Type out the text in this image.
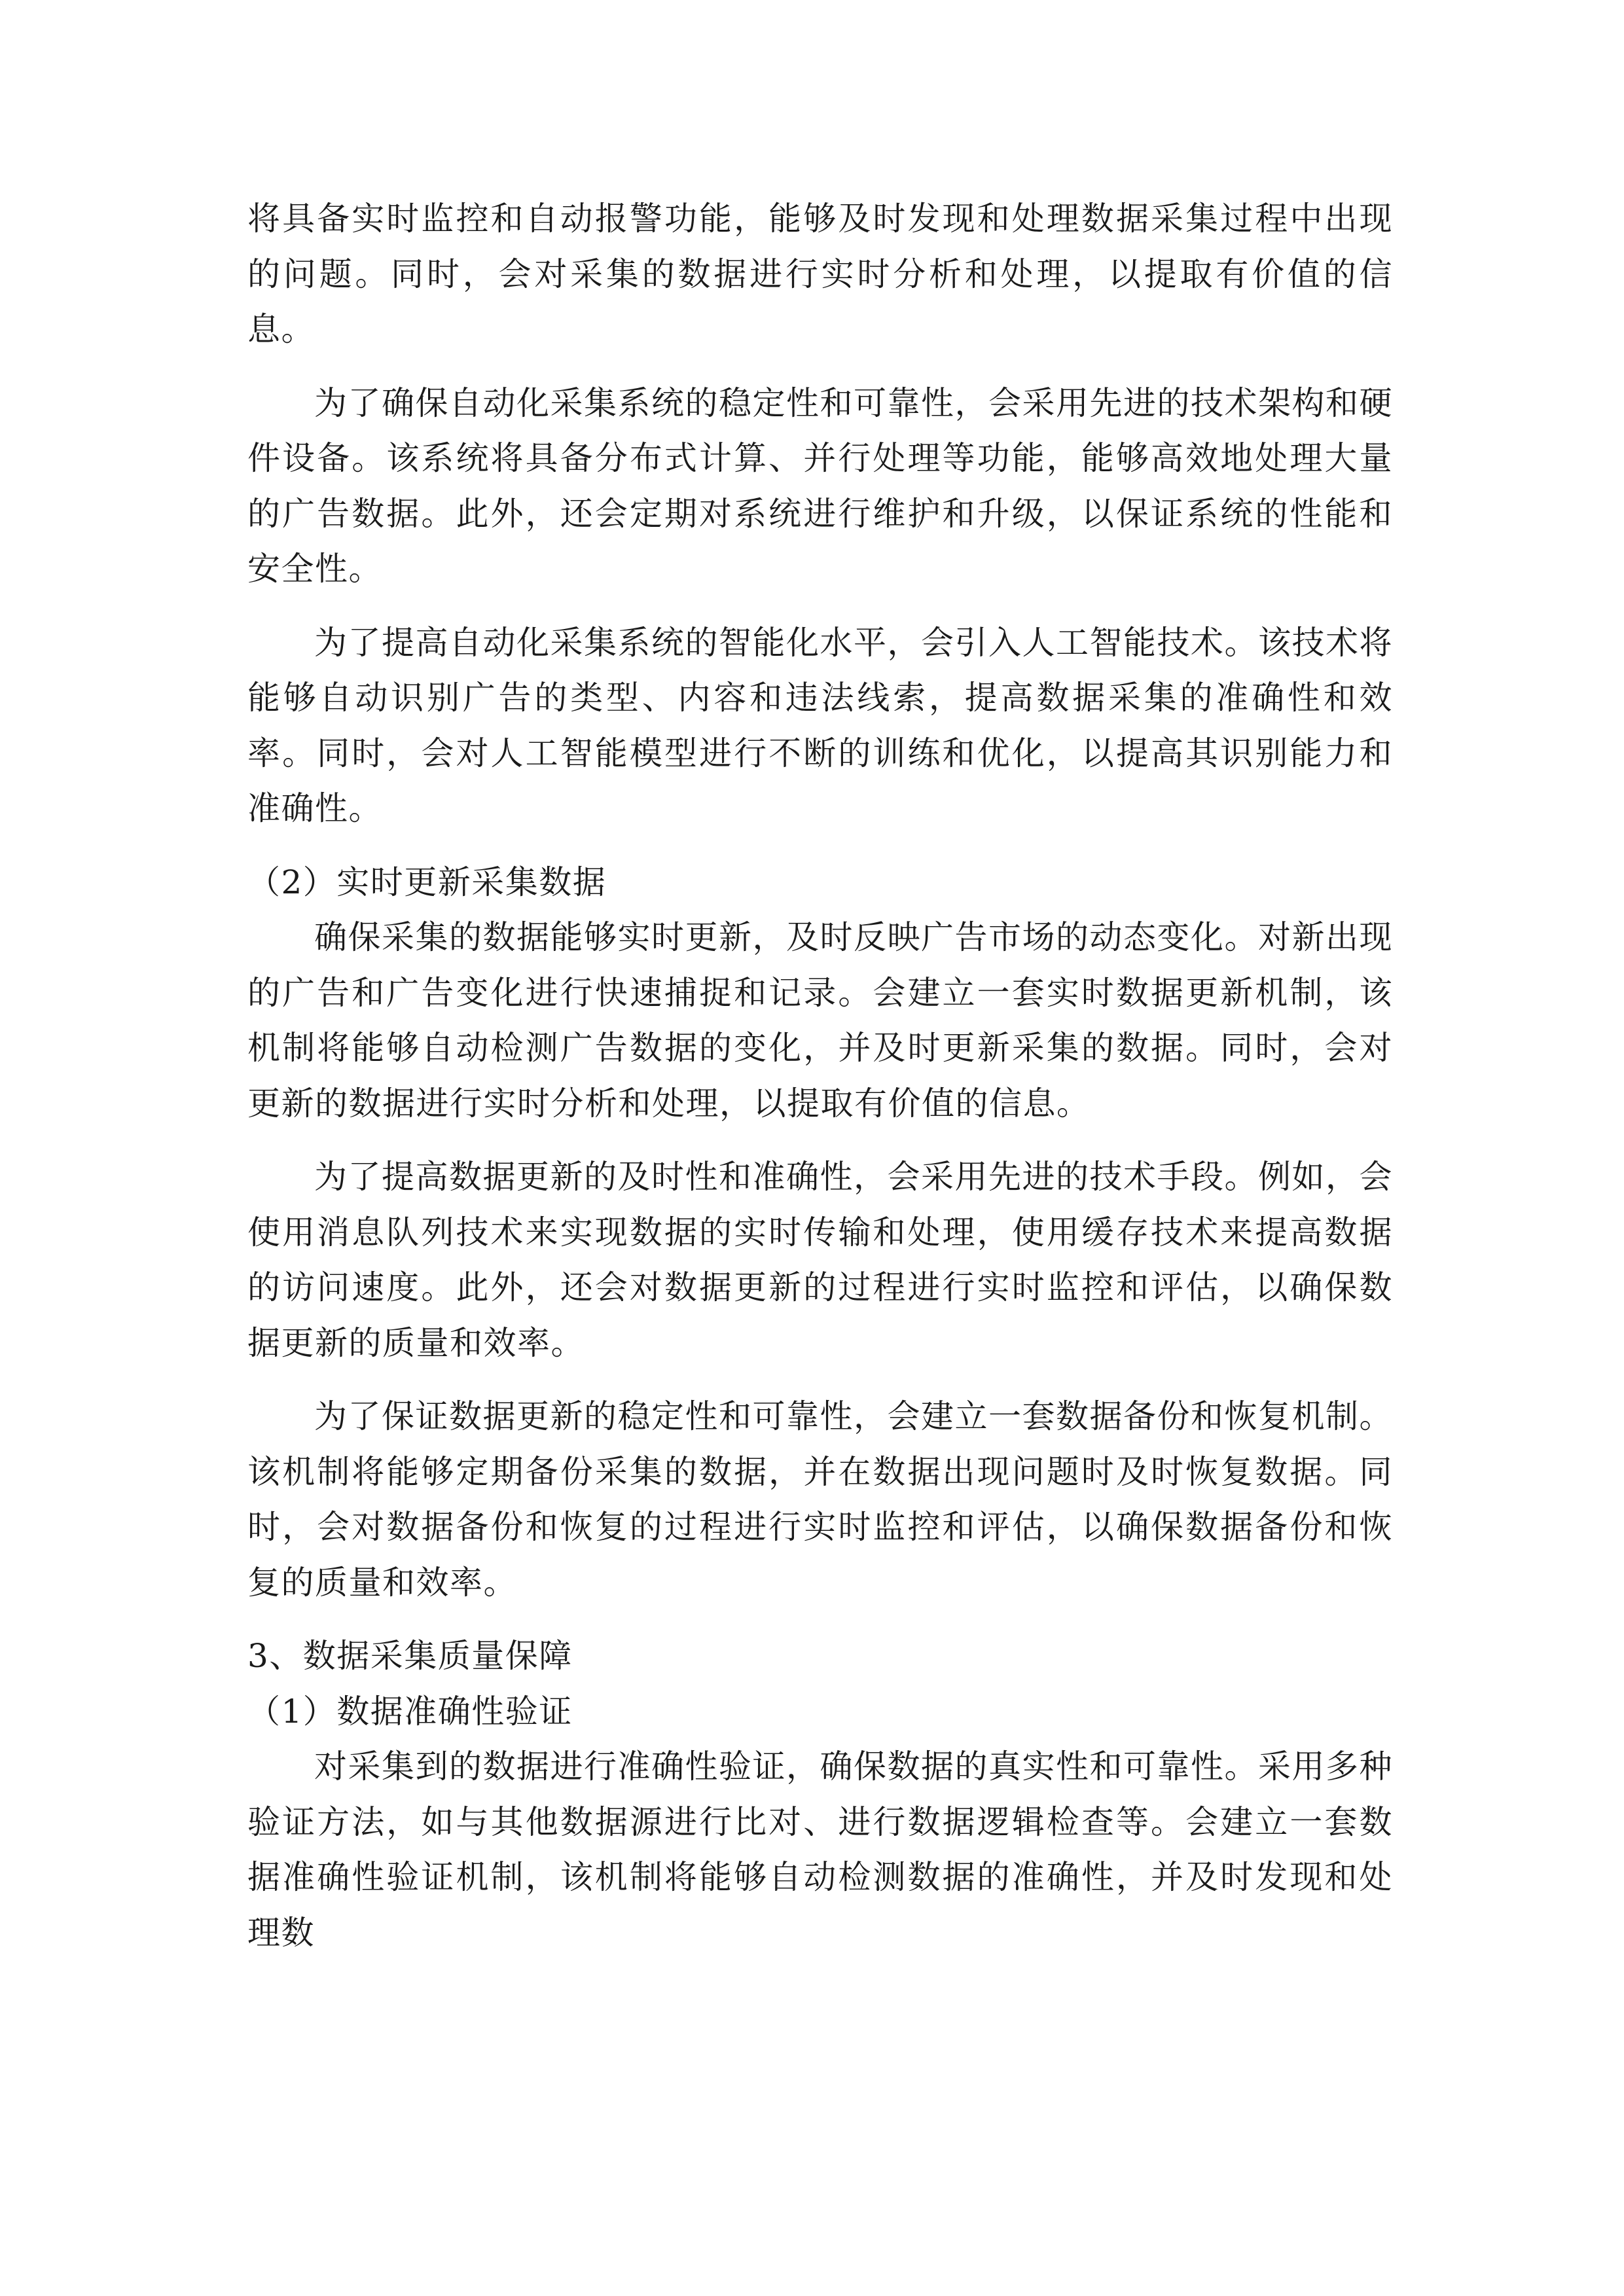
将具备实时监控和自动报警功能，能够及时发现和处理数据采集过程中出现的问题。同时，会对采集的数据进行实时分析和处理，以提取有价值的信息。

为了确保自动化采集系统的稳定性和可靠性，会采用先进的技术架构和硬件设备。该系统将具备分布式计算、并行处理等功能，能够高效地处理大量的广告数据。此外，还会定期对系统进行维护和升级，以保证系统的性能和安全性。

为了提高自动化采集系统的智能化水平，会引入人工智能技术。该技术将能够自动识别广告的类型、内容和违法线索，提高数据采集的准确性和效率。同时，会对人工智能模型进行不断的训练和优化，以提高其识别能力和准确性。

（2）实时更新采集数据

确保采集的数据能够实时更新，及时反映广告市场的动态变化。对新出现的广告和广告变化进行快速捕捉和记录。会建立一套实时数据更新机制，该机制将能够自动检测广告数据的变化，并及时更新采集的数据。同时，会对更新的数据进行实时分析和处理，以提取有价值的信息。

为了提高数据更新的及时性和准确性，会采用先进的技术手段。例如，会使用消息队列技术来实现数据的实时传输和处理，使用缓存技术来提高数据的访问速度。此外，还会对数据更新的过程进行实时监控和评估，以确保数据更新的质量和效率。

为了保证数据更新的稳定性和可靠性，会建立一套数据备份和恢复机制。该机制将能够定期备份采集的数据，并在数据出现问题时及时恢复数据。同时，会对数据备份和恢复的过程进行实时监控和评估，以确保数据备份和恢复的质量和效率。

3、数据采集质量保障

（1）数据准确性验证

对采集到的数据进行准确性验证，确保数据的真实性和可靠性。采用多种验证方法，如与其他数据源进行比对、进行数据逻辑检查等。会建立一套数据准确性验证机制，该机制将能够自动检测数据的准确性，并及时发现和处理数
